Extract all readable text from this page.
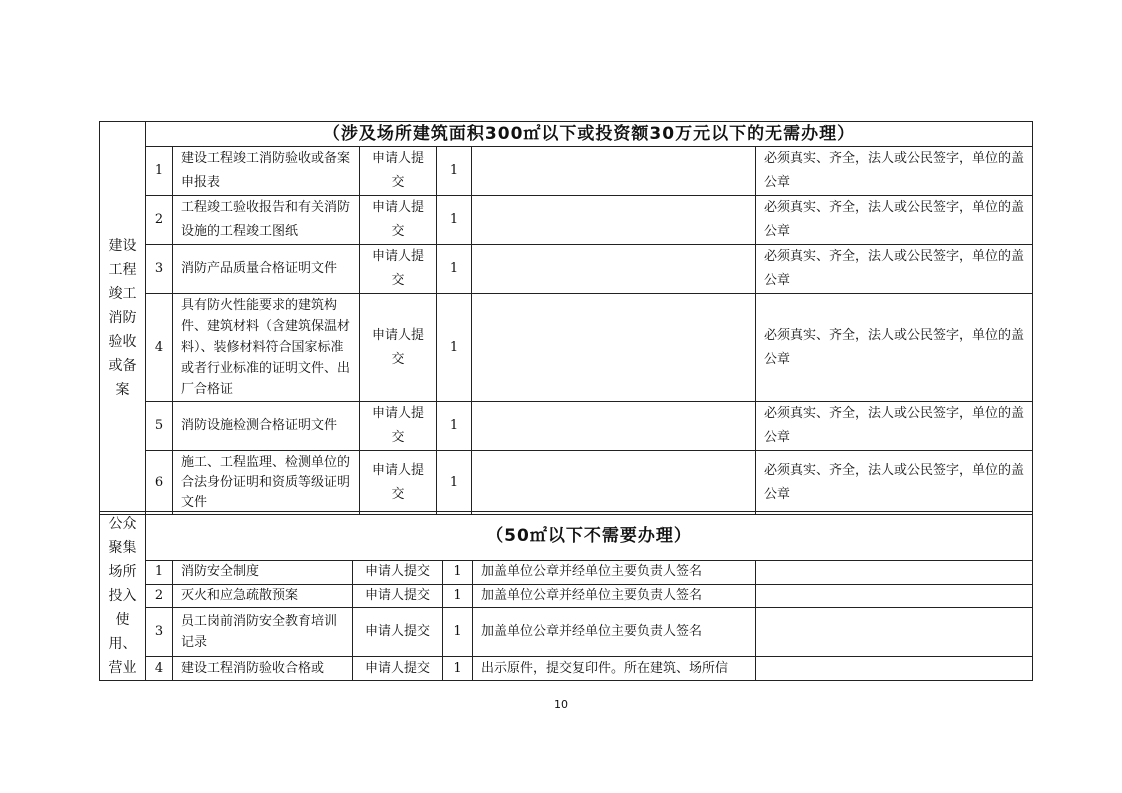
建设工程竣工消防验收或备案	（涉及场所建筑面积300㎡以下或投资额30万元以下的无需办理）					
	1	建设工程竣工消防验收或备案申报表	申请人提交	1		必须真实、齐全，法人或公民签字，单位的盖公章
	2	工程竣工验收报告和有关消防设施的工程竣工图纸	申请人提交	1		必须真实、齐全，法人或公民签字，单位的盖公章
	3	消防产品质量合格证明文件	申请人提交	1		必须真实、齐全，法人或公民签字，单位的盖公章
	4	具有防火性能要求的建筑构件、建筑材料（含建筑保温材料）、装修材料符合国家标准或者行业标准的证明文件、出厂合格证	申请人提交	1		必须真实、齐全，法人或公民签字，单位的盖公章
	5	消防设施检测合格证明文件	申请人提交	1		必须真实、齐全，法人或公民签字，单位的盖公章
	6	施工、工程监理、检测单位的合法身份证明和资质等级证明文件	申请人提交	1		必须真实、齐全，法人或公民签字，单位的盖公章
公众聚集场所投入使用、营业	（50㎡以下不需要办理）					
	1	消防安全制度	申请人提交	1	加盖单位公章并经单位主要负责人签名	
	2	灭火和应急疏散预案	申请人提交	1	加盖单位公章并经单位主要负责人签名	
	3	员工岗前消防安全教育培训记录	申请人提交	1	加盖单位公章并经单位主要负责人签名	
	4	建设工程消防验收合格或	申请人提交	1	出示原件，提交复印件。所在建筑、场所信	
10
